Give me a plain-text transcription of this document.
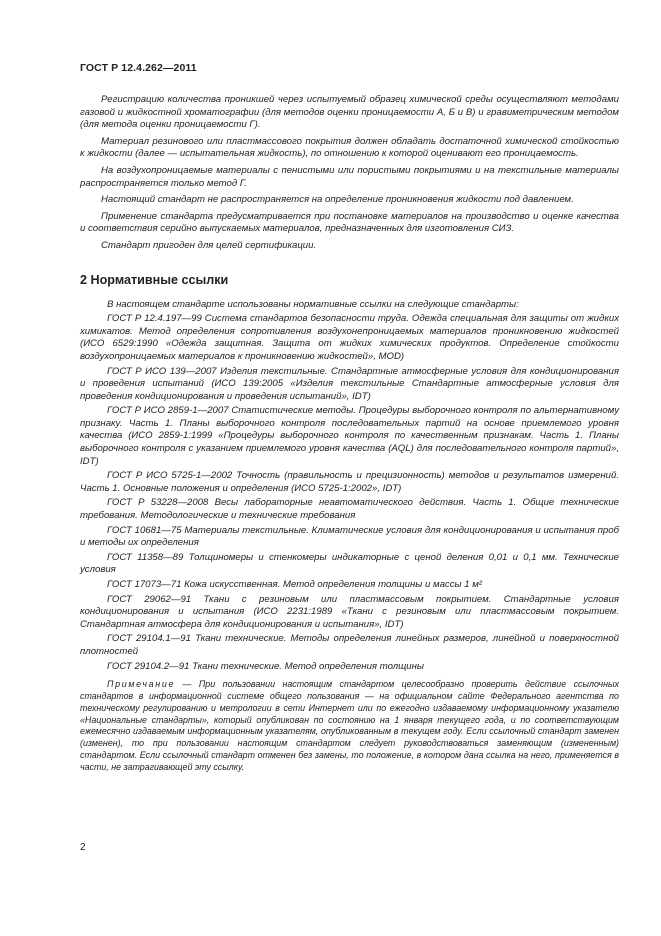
ГОСТ Р 12.4.262—2011

Регистрацию количества проникшей через испытуемый образец химической среды осуществляют методами газовой и жидкостной хроматографии (для методов оценки проницаемости А, Б и В) и гравиметрическим методом (для метода оценки проницаемости Г).

Материал резинового или пластмассового покрытия должен обладать достаточной химической стойкостью к жидкости (далее — испытательная жидкость), по отношению к которой оценивают его проницаемость.

На воздухопроницаемые материалы с пенистыми или пористыми покрытиями и на текстильные материалы распространяется только метод Г.

Настоящий стандарт не распространяется на определение проникновения жидкости под давлением.

Применение стандарта предусматривается при постановке материалов на производство и оценке качества и соответствия серийно выпускаемых материалов, предназначенных для изготовления СИЗ.

Стандарт пригоден для целей сертификации.

2 Нормативные ссылки

В настоящем стандарте использованы нормативные ссылки на следующие стандарты:

ГОСТ Р 12.4.197—99 Система стандартов безопасности труда. Одежда специальная для защиты от жидких химикатов. Метод определения сопротивления воздухонепроницаемых материалов проникновению жидкостей (ИСО 6529:1990 «Одежда защитная. Защита от жидких химических продуктов. Определение стойкости воздухопроницаемых материалов к проникновению жидкостей», MOD)

ГОСТ Р ИСО 139—2007 Изделия текстильные. Стандартные атмосферные условия для кондиционирования и проведения испытаний (ИСО 139:2005 «Изделия текстильные Стандартные атмосферные условия для проведения кондиционирования и проведения испытаний», IDT)

ГОСТ Р ИСО 2859-1—2007 Статистические методы. Процедуры выборочного контроля по альтернативному признаку. Часть 1. Планы выборочного контроля последовательных партий на основе приемлемого уровня качества (ИСО 2859-1:1999 «Процедуры выборочного контроля по качественным признакам. Часть 1. Планы выборочного контроля с указанием приемлемого уровня качества (AQL) для последовательного контроля партий», IDT)

ГОСТ Р ИСО 5725-1—2002 Точность (правильность и прецизионность) методов и результатов измерений. Часть 1. Основные положения и определения (ИСО 5725-1:2002», IDT)

ГОСТ Р 53228—2008 Весы лабораторные неавтоматического действия. Часть 1. Общие технические требования. Методологические и технические требования

ГОСТ 10681—75 Материалы текстильные. Климатические условия для кондиционирования и испытания проб и методы их определения

ГОСТ 11358—89 Толщиномеры и стенкомеры индикаторные с ценой деления 0,01 и 0,1 мм. Технические условия

ГОСТ 17073—71 Кожа искусственная. Метод определения толщины и массы 1 м²

ГОСТ 29062—91 Ткани с резиновым или пластмассовым покрытием. Стандартные условия кондиционирования и испытания (ИСО 2231:1989 «Ткани с резиновым или пластмассовым покрытием. Стандартная атмосфера для кондиционирования и испытания», IDT)

ГОСТ 29104.1—91 Ткани технические. Методы определения линейных размеров, линейной и поверхностной плотностей

ГОСТ 29104.2—91 Ткани технические. Метод определения толщины

Примечание — При пользовании настоящим стандартом целесообразно проверить действие ссылочных стандартов в информационной системе общего пользования — на официальном сайте Федерального агентства по техническому регулированию и метрологии в сети Интернет или по ежегодно издаваемому информационному указателю «Национальные стандарты», который опубликован по состоянию на 1 января текущего года, и по соответствующим ежемесячно издаваемым информационным указателям, опубликованным в текущем году. Если ссылочный стандарт заменен (изменен), то при пользовании настоящим стандартом следует руководствоваться заменяющим (измененным) стандартом. Если ссылочный стандарт отменен без замены, то положение, в котором дана ссылка на него, применяется в части, не затрагивающей эту ссылку.

2
